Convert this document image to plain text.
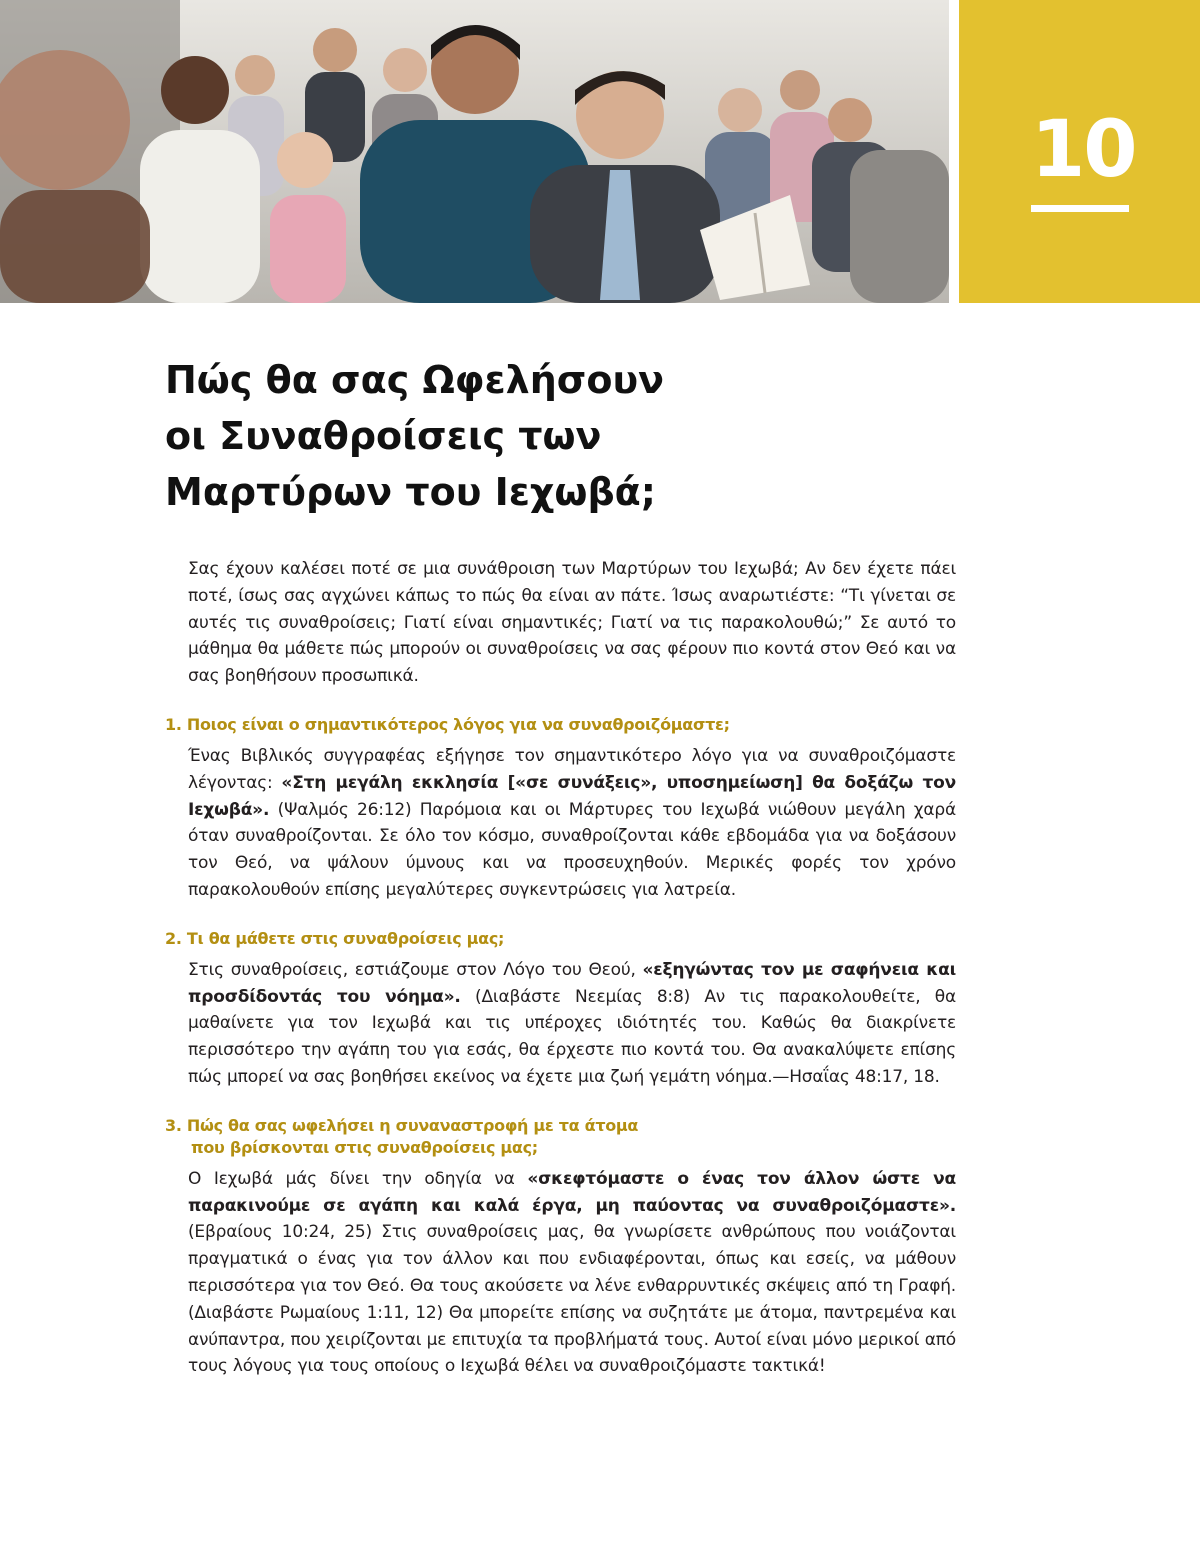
10
Πώς θα σας Ωφελήσουν
οι Συναθροίσεις των
Μαρτύρων του Ιεχωβά;

Σας έχουν καλέσει ποτέ σε μια συνάθροιση των Μαρτύρων του Ιεχωβά; Αν δεν έχετε πάει ποτέ, ίσως σας αγχώνει κάπως το πώς θα είναι αν πάτε. Ίσως αναρωτιέστε: “Τι γίνεται σε αυτές τις συναθροίσεις; Γιατί είναι σημαντικές; Γιατί να τις παρακολουθώ;” Σε αυτό το μάθημα θα μάθετε πώς μπορούν οι συναθροίσεις να σας φέρουν πιο κοντά στον Θεό και να σας βοηθήσουν προσωπικά.

1. Ποιος είναι ο σημαντικότερος λόγος για να συναθροιζόμαστε;

Ένας Βιβλικός συγγραφέας εξήγησε τον σημαντικότερο λόγο για να συναθροιζόμαστε λέγοντας: «Στη μεγάλη εκκλησία [«σε συνάξεις», υποσημείωση] θα δοξάζω τον Ιεχωβά». (Ψαλμός 26:12) Παρόμοια και οι Μάρτυρες του Ιεχωβά νιώθουν μεγάλη χαρά όταν συναθροίζονται. Σε όλο τον κόσμο, συναθροίζονται κάθε εβδομάδα για να δοξάσουν τον Θεό, να ψάλουν ύμνους και να προσευχηθούν. Μερικές φορές τον χρόνο παρακολουθούν επίσης μεγαλύτερες συγκεντρώσεις για λατρεία.

2. Τι θα μάθετε στις συναθροίσεις μας;

Στις συναθροίσεις, εστιάζουμε στον Λόγο του Θεού, «εξηγώντας τον με σαφήνεια και προσδίδοντάς του νόημα». (Διαβάστε Νεεμίας 8:8) Αν τις παρακολουθείτε, θα μαθαίνετε για τον Ιεχωβά και τις υπέροχες ιδιότητές του. Καθώς θα διακρίνετε περισσότερο την αγάπη του για εσάς, θα έρχεστε πιο κοντά του. Θα ανακαλύψετε επίσης πώς μπορεί να σας βοηθήσει εκείνος να έχετε μια ζωή γεμάτη νόημα.—Ησαΐας 48:17, 18.

3. Πώς θα σας ωφελήσει η συναναστροφή με τα άτομα
που βρίσκονται στις συναθροίσεις μας;

Ο Ιεχωβά μάς δίνει την οδηγία να «σκεφτόμαστε ο ένας τον άλλον ώστε να παρακινούμε σε αγάπη και καλά έργα, μη παύοντας να συναθροιζόμαστε». (Εβραίους 10:24, 25) Στις συναθροίσεις μας, θα γνωρίσετε ανθρώπους που νοιάζονται πραγματικά ο ένας για τον άλλον και που ενδιαφέρονται, όπως και εσείς, να μάθουν περισσότερα για τον Θεό. Θα τους ακούσετε να λένε ενθαρρυντικές σκέψεις από τη Γραφή. (Διαβάστε Ρωμαίους 1:11, 12) Θα μπορείτε επίσης να συζητάτε με άτομα, παντρεμένα και ανύπαντρα, που χειρίζονται με επιτυχία τα προβλήματά τους. Αυτοί είναι μόνο μερικοί από τους λόγους για τους οποίους ο Ιεχωβά θέλει να συναθροιζόμαστε τακτικά!
